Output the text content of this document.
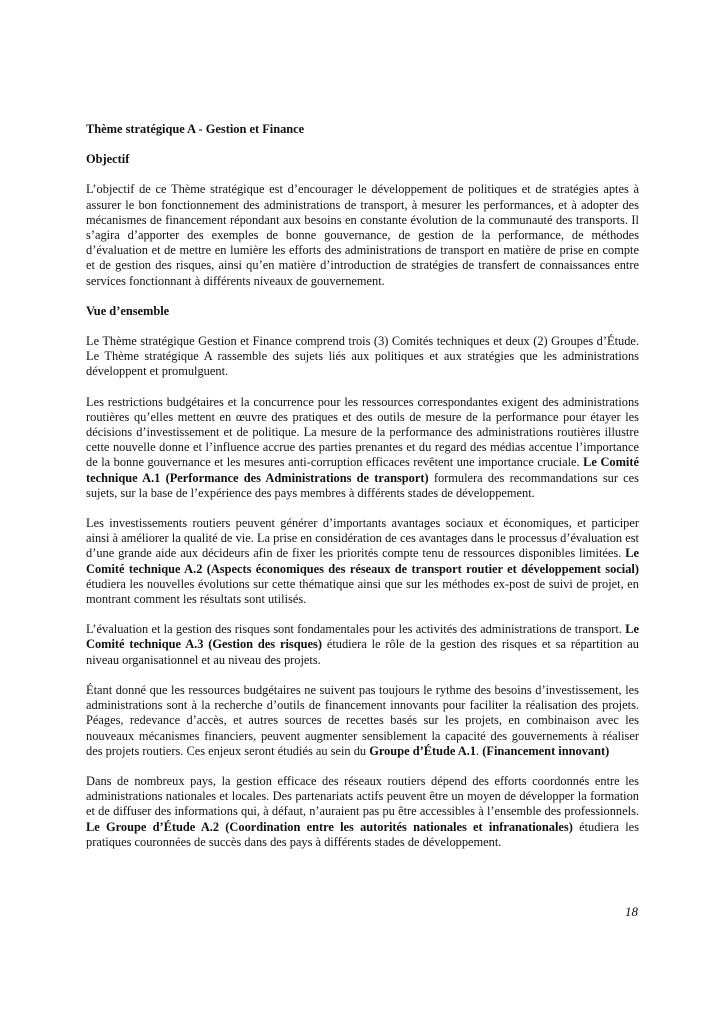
Thème stratégique A - Gestion et Finance
Objectif

L’objectif de ce Thème stratégique est d’encourager le développement de politiques et de stratégies aptes à assurer le bon fonctionnement des administrations de transport, à mesurer les performances, et à adopter des mécanismes de financement répondant aux besoins en constante évolution de la communauté des transports. Il s’agira d’apporter des exemples de bonne gouvernance, de gestion de la performance, de méthodes d’évaluation et de mettre en lumière les efforts des administrations de transport en matière de prise en compte et de gestion des risques, ainsi qu’en matière d’introduction de stratégies de transfert de connaissances entre services fonctionnant à différents niveaux de gouvernement.

Vue d’ensemble

Le Thème stratégique Gestion et Finance comprend trois (3) Comités techniques et deux (2) Groupes d’Étude. Le Thème stratégique A rassemble des sujets liés aux politiques et aux stratégies que les administrations développent et promulguent.

Les restrictions budgétaires et la concurrence pour les ressources correspondantes exigent des administrations routières qu’elles mettent en œuvre des pratiques et des outils de mesure de la performance pour étayer les décisions d’investissement et de politique. La mesure de la performance des administrations routières illustre cette nouvelle donne et l’influence accrue des parties prenantes et du regard des médias accentue l’importance de la bonne gouvernance et les mesures anti-corruption efficaces revêtent une importance cruciale. Le Comité technique A.1 (Performance des Administrations de transport) formulera des recommandations sur ces sujets, sur la base de l’expérience des pays membres à différents stades de développement.

Les investissements routiers peuvent générer d’importants avantages sociaux et économiques, et participer ainsi à améliorer la qualité de vie. La prise en considération de ces avantages dans le processus d’évaluation est d’une grande aide aux décideurs afin de fixer les priorités compte tenu de ressources disponibles limitées. Le Comité technique A.2 (Aspects économiques des réseaux de transport routier et développement social) étudiera les nouvelles évolutions sur cette thématique ainsi que sur les méthodes ex-post de suivi de projet, en montrant comment les résultats sont utilisés.

L’évaluation et la gestion des risques sont fondamentales pour les activités des administrations de transport. Le Comité technique A.3 (Gestion des risques) étudiera le rôle de la gestion des risques et sa répartition au niveau organisationnel et au niveau des projets.

Étant donné que les ressources budgétaires ne suivent pas toujours le rythme des besoins d’investissement, les administrations sont à la recherche d’outils de financement innovants pour faciliter la réalisation des projets. Péages, redevance d’accès, et autres sources de recettes basés sur les projets, en combinaison avec les nouveaux mécanismes financiers, peuvent augmenter sensiblement la capacité des gouvernements à réaliser des projets routiers. Ces enjeux seront étudiés au sein du Groupe d’Étude A.1. (Financement innovant)

Dans de nombreux pays, la gestion efficace des réseaux routiers dépend des efforts coordonnés entre les administrations nationales et locales. Des partenariats actifs peuvent être un moyen de développer la formation et de diffuser des informations qui, à défaut, n’auraient pas pu être accessibles à l’ensemble des professionnels. Le Groupe d’Étude A.2 (Coordination entre les autorités nationales et infranationales) étudiera les pratiques couronnées de succès dans des pays à différents stades de développement.

18
